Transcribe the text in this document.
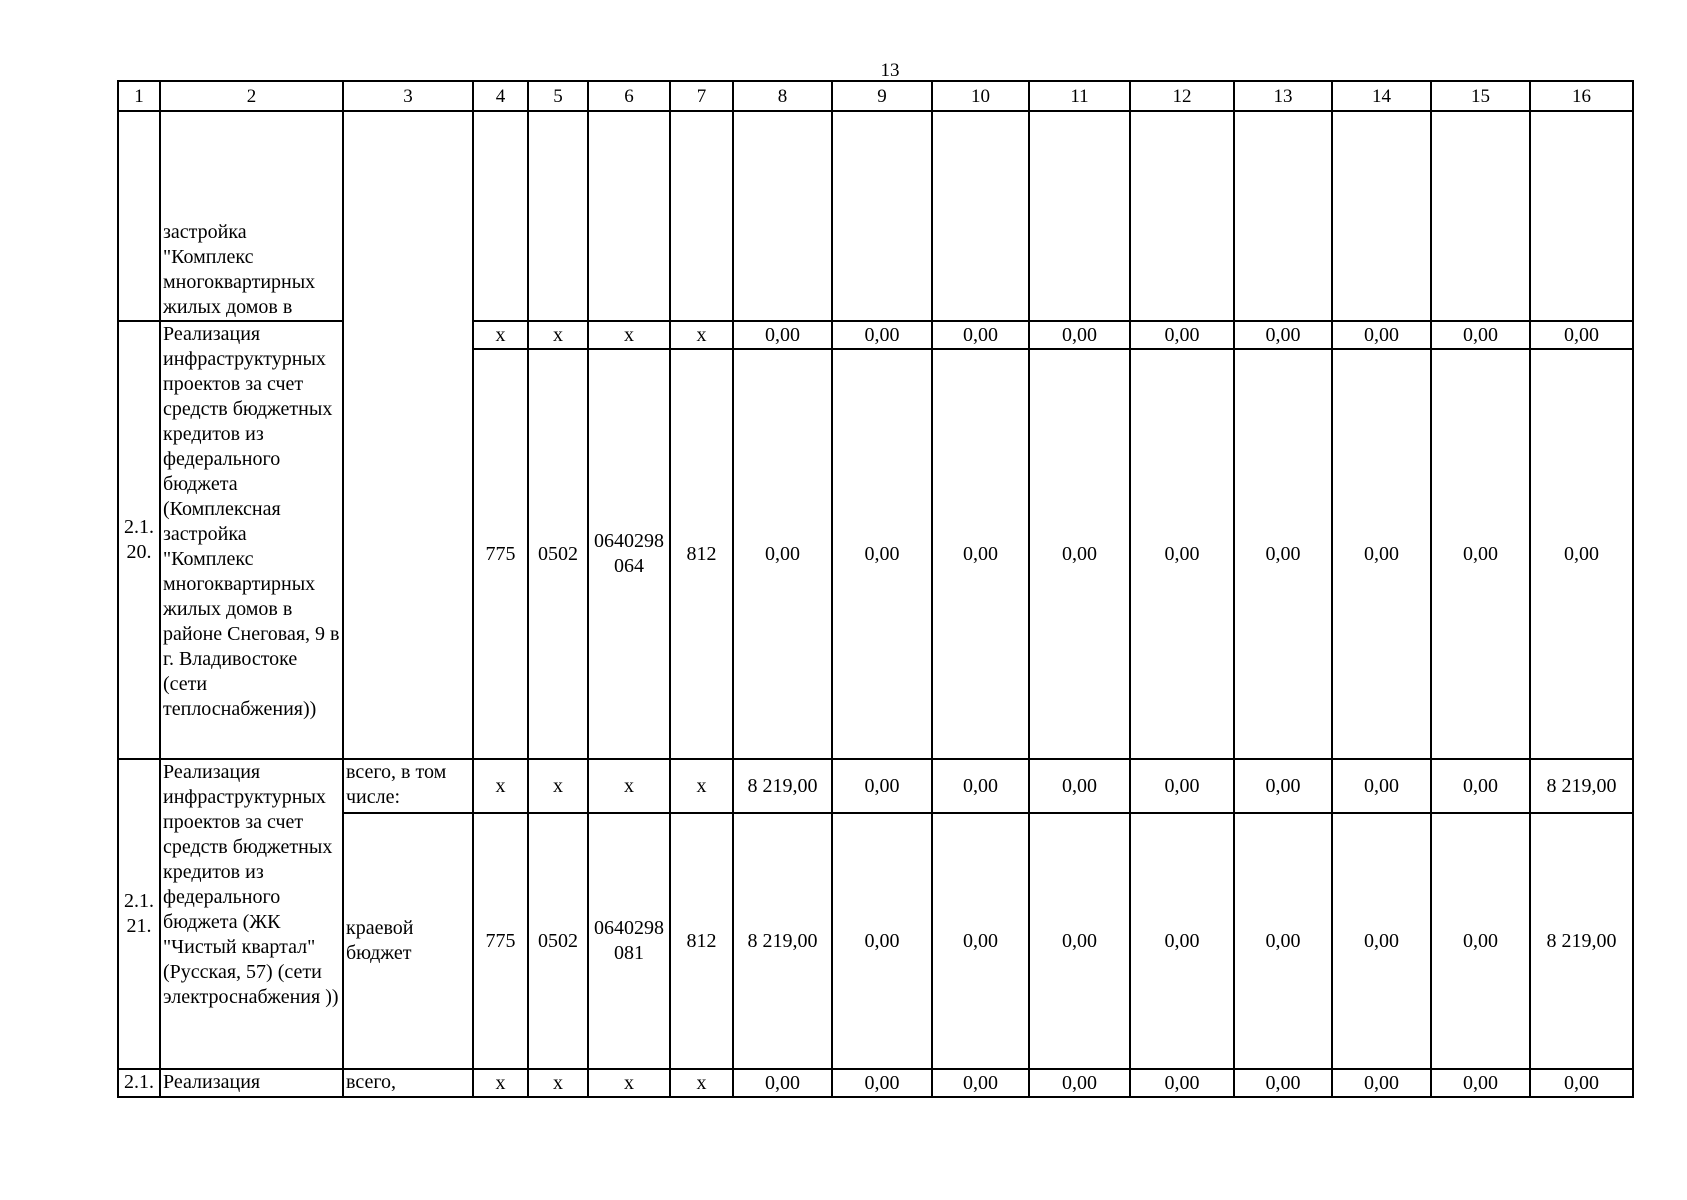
13
1	2	3	4	5	6	7	8	9	10	11	12	13	14	15	16
	застройка "Комплекс многоквартирных жилых домов в														
2.1. 20.	Реализация инфраструктурных проектов за счет средств бюджетных кредитов из федерального бюджета (Комплексная застройка "Комплекс многоквартирных жилых домов в районе Снеговая, 9 в г. Владивостоке (сети теплоснабжения))		x	x	x	x	0,00	0,00	0,00	0,00	0,00	0,00	0,00	0,00	0,00
			775	0502	0640298 064	812	0,00	0,00	0,00	0,00	0,00	0,00	0,00	0,00	0,00
2.1. 21.	Реализация инфраструктурных проектов за счет средств бюджетных кредитов из федерального бюджета (ЖК "Чистый квартал" (Русская, 57) (сети электроснабжения ))	всего, в том числе:	x	x	x	x	8 219,00	0,00	0,00	0,00	0,00	0,00	0,00	0,00	8 219,00
		краевой бюджет	775	0502	0640298 081	812	8 219,00	0,00	0,00	0,00	0,00	0,00	0,00	0,00	8 219,00
2.1.	Реализация	всего,	x	x	x	x	0,00	0,00	0,00	0,00	0,00	0,00	0,00	0,00	0,00
